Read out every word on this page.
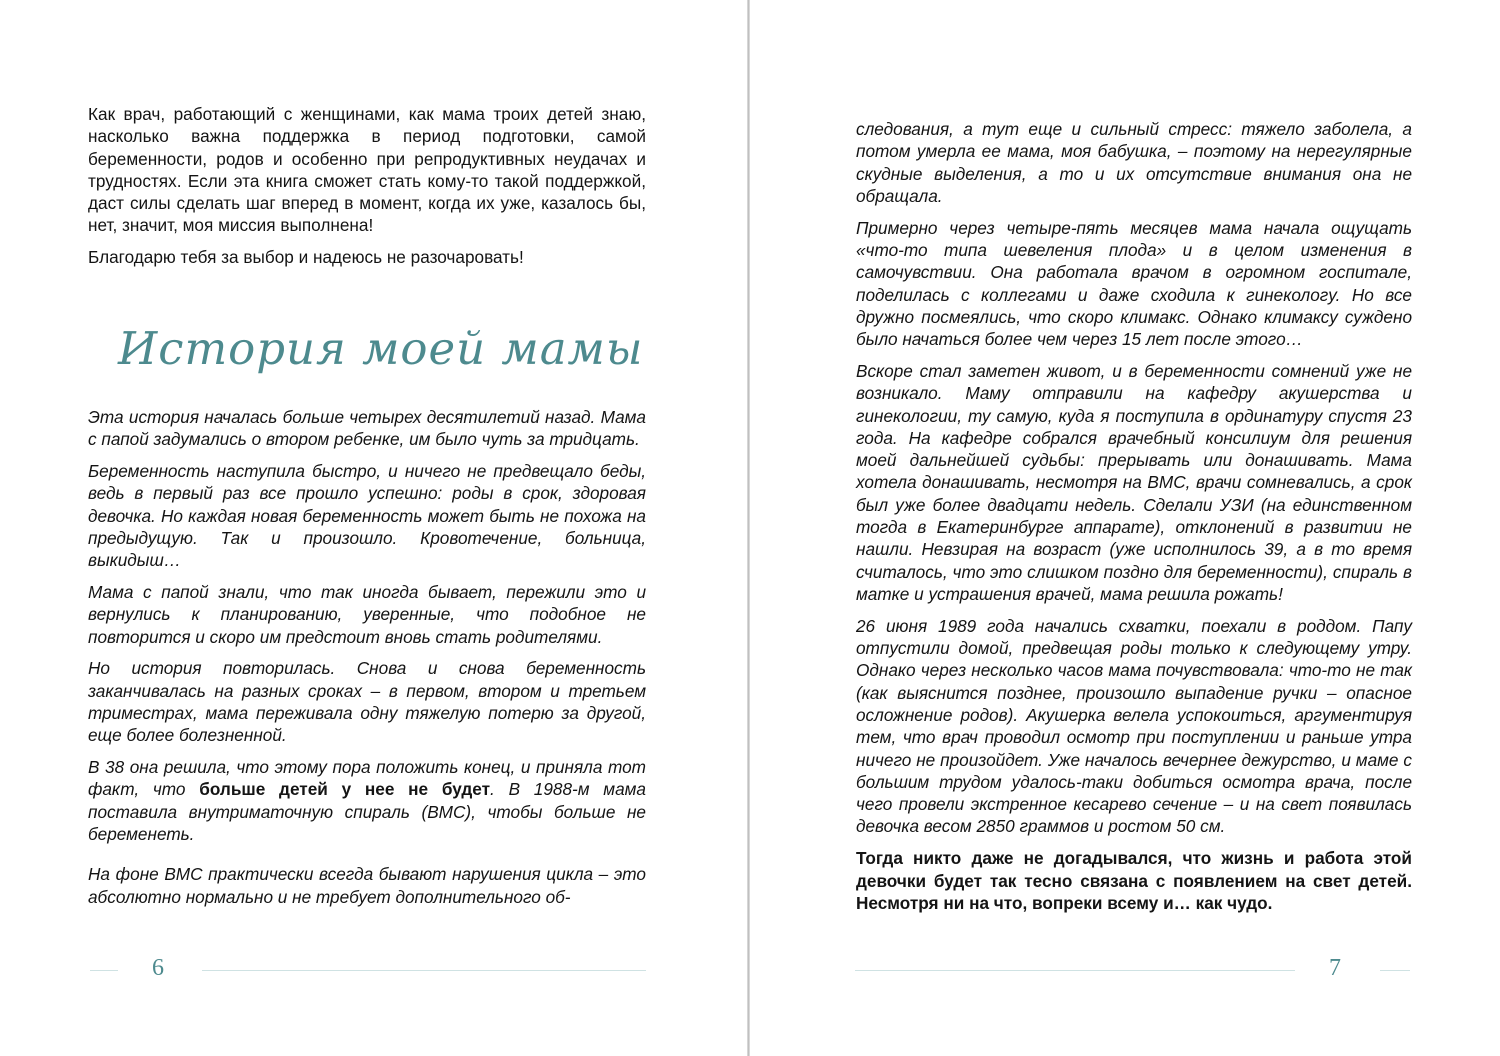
Как врач, работающий с женщинами, как мама троих детей знаю, насколько важна поддержка в период подготовки, самой беременности, родов и особенно при репродуктивных неудачах и трудностях. Если эта книга сможет стать кому-то такой поддержкой, даст силы сделать шаг вперед в момент, когда их уже, казалось бы, нет, значит, моя миссия выполнена!

Благодарю тебя за выбор и надеюсь не разочаровать!

История моей мамы

Эта история началась больше четырех десятилетий назад. Мама с папой задумались о втором ребенке, им было чуть за тридцать.

Беременность наступила быстро, и ничего не предвещало беды, ведь в первый раз все прошло успешно: роды в срок, здоровая девочка. Но каждая новая беременность может быть не похожа на предыдущую. Так и произошло. Кровотечение, больница, выкидыш…

Мама с папой знали, что так иногда бывает, пережили это и вернулись к планированию, уверенные, что подобное не повторится и скоро им предстоит вновь стать родителями.

Но история повторилась. Снова и снова беременность заканчивалась на разных сроках – в первом, втором и третьем триместрах, мама переживала одну тяжелую потерю за другой, еще более болезненной.

В 38 она решила, что этому пора положить конец, и приняла тот факт, что больше детей у нее не будет. В 1988-м мама поставила внутриматочную спираль (ВМС), чтобы больше не беременеть.

На фоне ВМС практически всегда бывают нарушения цикла – это абсолютно нормально и не требует дополнительного об-

6

следования, а тут еще и сильный стресс: тяжело заболела, а потом умерла ее мама, моя бабушка, – поэтому на нерегулярные скудные выделения, а то и их отсутствие внимания она не обращала.

Примерно через четыре-пять месяцев мама начала ощущать «что-то типа шевеления плода» и в целом изменения в самочувствии. Она работала врачом в огромном госпитале, поделилась с коллегами и даже сходила к гинекологу. Но все дружно посмеялись, что скоро климакс. Однако климаксу суждено было начаться более чем через 15 лет после этого…

Вскоре стал заметен живот, и в беременности сомнений уже не возникало. Маму отправили на кафедру акушерства и гинекологии, ту самую, куда я поступила в ординатуру спустя 23 года. На кафедре собрался врачебный консилиум для решения моей дальнейшей судьбы: прерывать или донашивать. Мама хотела донашивать, несмотря на ВМС, врачи сомневались, а срок был уже более двадцати недель. Сделали УЗИ (на единственном тогда в Екатеринбурге аппарате), отклонений в развитии не нашли. Невзирая на возраст (уже исполнилось 39, а в то время считалось, что это слишком поздно для беременности), спираль в матке и устрашения врачей, мама решила рожать!

26 июня 1989 года начались схватки, поехали в роддом. Папу отпустили домой, предвещая роды только к следующему утру. Однако через несколько часов мама почувствовала: что-то не так (как выяснится позднее, произошло выпадение ручки – опасное осложнение родов). Акушерка велела успокоиться, аргументируя тем, что врач проводил осмотр при поступлении и раньше утра ничего не произойдет. Уже началось вечернее дежурство, и маме с большим трудом удалось-таки добиться осмотра врача, после чего провели экстренное кесарево сечение – и на свет появилась девочка весом 2850 граммов и ростом 50 см.

Тогда никто даже не догадывался, что жизнь и работа этой девочки будет так тесно связана с появлением на свет детей. Несмотря ни на что, вопреки всему и… как чудо.

7
